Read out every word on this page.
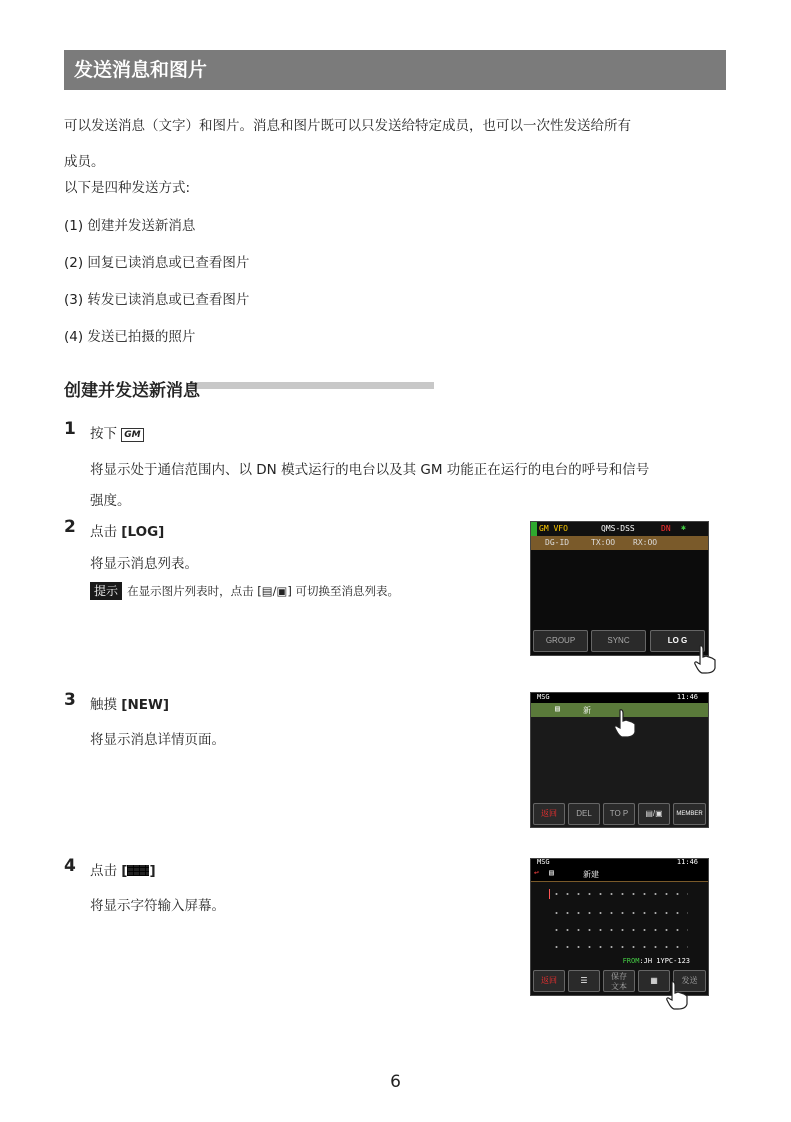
发送消息和图片
可以发送消息（文字）和图片。消息和图片既可以只发送给特定成员，也可以一次性发送给所有
成员。
以下是四种发送方式:
(1) 创建并发送新消息
(2) 回复已读消息或已查看图片
(3) 转发已读消息或已查看图片
(4) 发送已拍摄的照片
创建并发送新消息
1 按下 GM
将显示处于通信范围内、以 DN 模式运行的电台以及其 GM 功能正在运行的电台的呼号和信号
强度。
2 点击 [LOG]
将显示消息列表。
提示 在显示图片列表时，点击 [▤/▣] 可切换至消息列表。
GM VFO	QMS-DSS	DN ✱
DG-ID	TX:OO RX:OO
GROUP	SYNC	LO G
3 触摸 [NEW]
将显示消息详情页面。
MSG	11:46
▤	新
返回	DEL	TO P	▤/▣	MEMBER
4 点击 [ ]
将显示字符输入屏幕。
MSG	11:46
↩ ▤	新建
FROM:JH 1YPC-123
返回	☰	保存
文本
▦	发送
6
